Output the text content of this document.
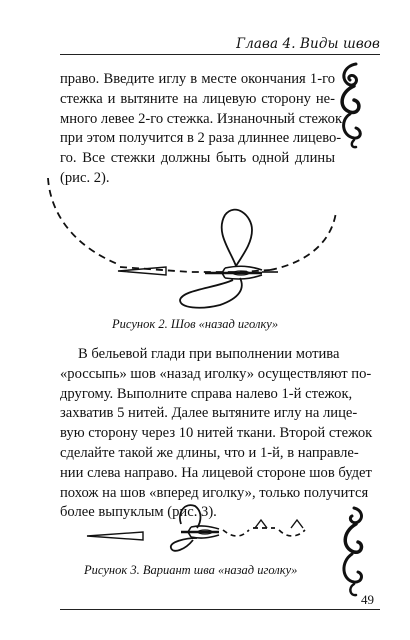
Глава 4. Виды швов
право. Введите иглу в месте окончания 1-го
стежка и вытяните на лицевую сторону не-
много левее 2-го стежка. Изнаночный стежок
при этом получится в 2 раза длиннее лицево-
го. Все стежки должны быть одной длины
(рис. 2).
Рисунок 2. Шов «назад иголку»
В бельевой глади при выполнении мотива
«россыпь» шов «назад иголку» осуществляют по-
другому. Выполните справа налево 1-й стежок,
захватив 5 нитей. Далее вытяните иглу на лице-
вую сторону через 10 нитей ткани. Второй стежок
сделайте такой же длины, что и 1-й, в направле-
нии слева направо. На лицевой стороне шов будет
похож на шов «вперед иголку», только получится
более выпуклым (рис. 3).
Рисунок 3. Вариант шва «назад иголку»
49
